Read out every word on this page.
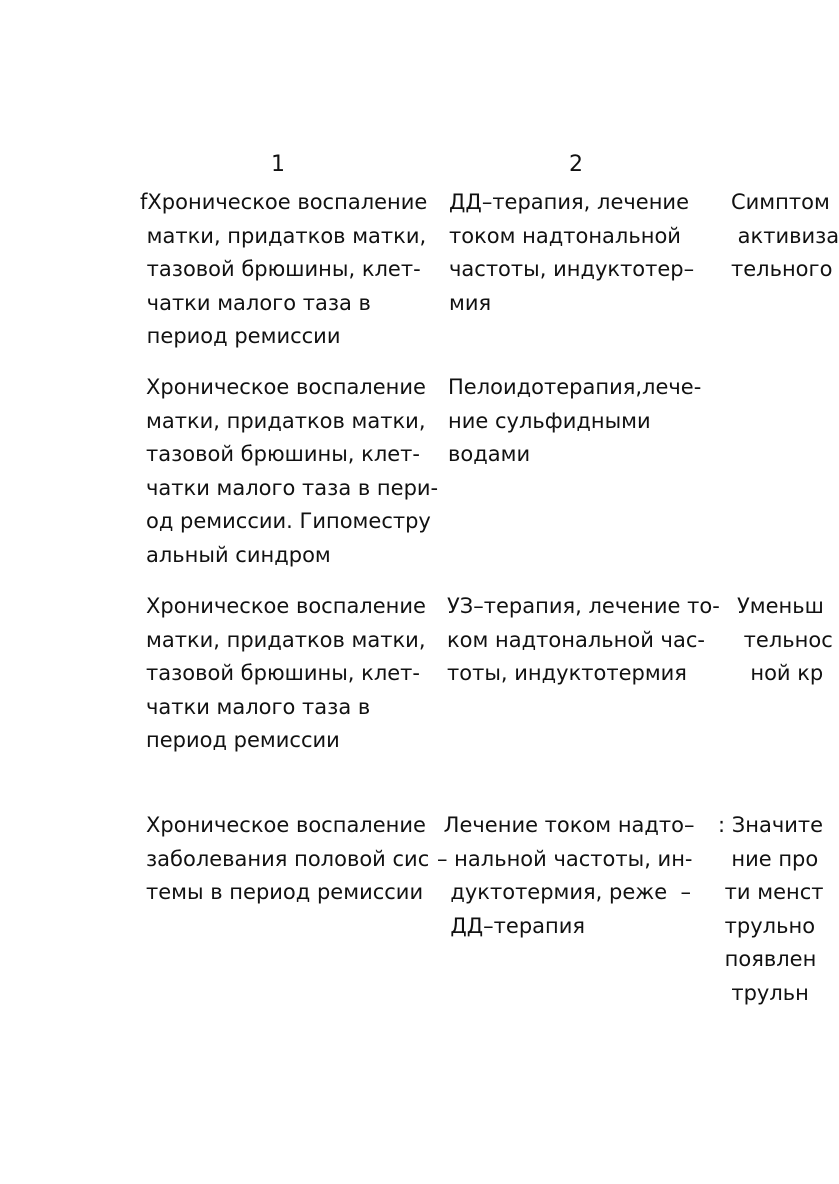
1	2
fХроническое воспаление
матки, придатков матки,
тазовой брюшины, клет-
чатки малого таза в
период ремиссии
ДД–терапия, лечение
током надтональной
частоты, индуктотер–
мия
Симптом
активиза
тельного
Хроническое воспаление
матки, придатков матки,
тазовой брюшины, клет-
чатки малого таза в пери-
од ремиссии. Гипоместру
альный синдром
Пелоидотерапия,лече-
ние сульфидными
водами
Хроническое воспаление
матки, придатков матки,
тазовой брюшины, клет-
чатки малого таза в
период ремиссии
УЗ–терапия, лечение то-
ком надтональной час-
тоты, индуктотермия
Уменьш
тельнос
ной кр
Хроническое воспаление
заболевания половой сис
темы в период ремиссии
Лечение током надто–
– нальной частоты, ин-
дуктотермия, реже  –
ДД–терапия
: Значите
ние про
ти менст
трульно
появлен
трульн
